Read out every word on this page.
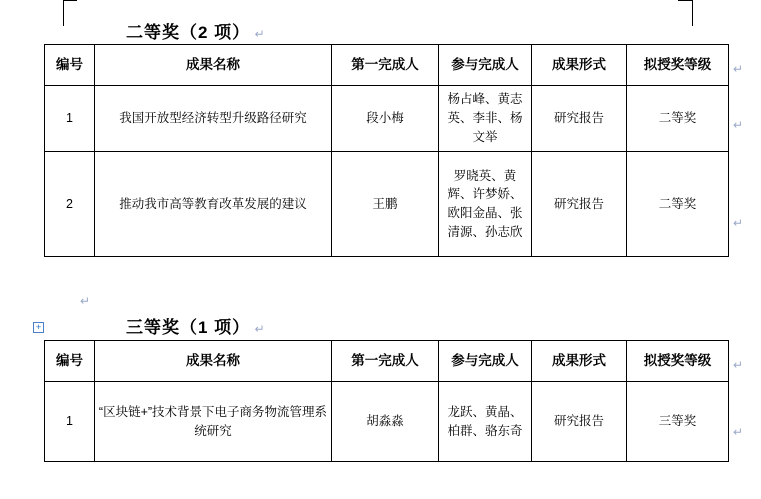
二等奖（2 项） ↵
编号	成果名称	第一完成人	参与完成人	成果形式	拟授奖等级
1	我国开放型经济转型升级路径研究	段小梅	杨占峰、黄志英、李非、杨文举	研究报告	二等奖
2	推动我市高等教育改革发展的建议	王鹏	罗晓英、黄辉、许梦娇、欧阳金晶、张清源、孙志欣	研究报告	二等奖
↵
↵
↵
↵
+	三等奖（1 项） ↵
编号	成果名称	第一完成人	参与完成人	成果形式	拟授奖等级
1	“区块链+”技术背景下电子商务物流管理系统研究	胡淼淼	龙跃、黄晶、柏群、骆东奇	研究报告	三等奖
↵
↵
